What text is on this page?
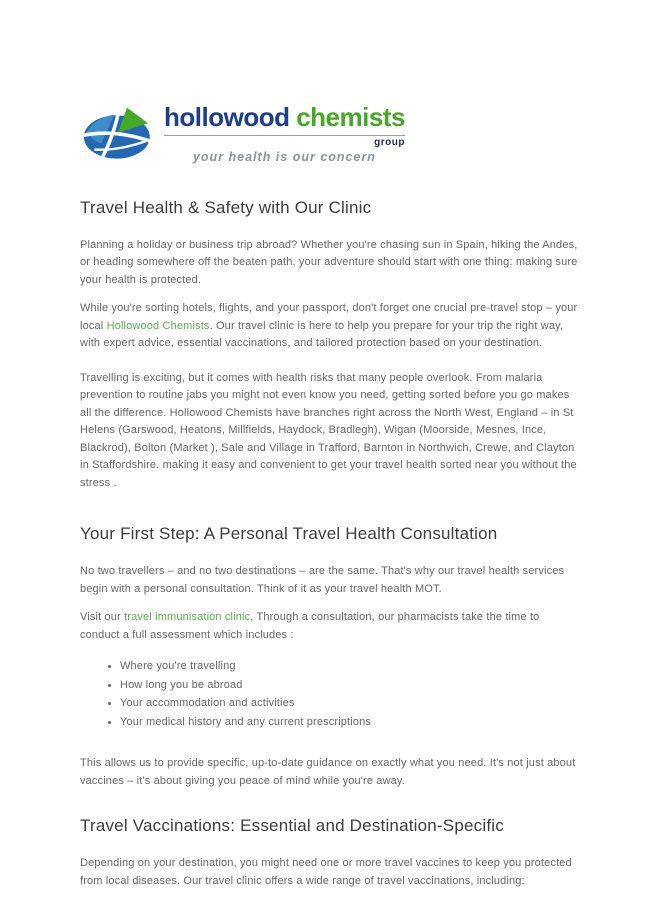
hollowood chemists
group
your health is our concern
Travel Health & Safety with Our Clinic

Planning a holiday or business trip abroad? Whether you're chasing sun in Spain, hiking the Andes, or heading somewhere off the beaten path, your adventure should start with one thing: making sure your health is protected.

While you're sorting hotels, flights, and your passport, don't forget one crucial pre-travel stop – your local Hollowood Chemists. Our travel clinic is here to help you prepare for your trip the right way, with expert advice, essential vaccinations, and tailored protection based on your destination.

Travelling is exciting, but it comes with health risks that many people overlook. From malaria prevention to routine jabs you might not even know you need, getting sorted before you go makes all the difference. Hollowood Chemists have branches right across the North West, England – in St Helens (Garswood, Heatons, Millfields, Haydock, Bradlegh), Wigan (Moorside, Mesnes, Ince, Blackrod), Bolton (Market ), Sale and Village in Trafford, Barnton in Northwich, Crewe, and Clayton in Staffordshire. making it easy and convenient to get your travel health sorted near you without the stress .

Your First Step: A Personal Travel Health Consultation

No two travellers – and no two destinations – are the same. That's why our travel health services begin with a personal consultation. Think of it as your travel health MOT.

Visit our travel immunisation clinic, Through a consultation, our pharmacists take the time to conduct a full assessment which includes :

• Where you're travelling
• How long you be abroad
• Your accommodation and activities
• Your medical history and any current prescriptions

This allows us to provide specific, up-to-date guidance on exactly what you need. It's not just about vaccines – it's about giving you peace of mind while you're away.

Travel Vaccinations: Essential and Destination-Specific

Depending on your destination, you might need one or more travel vaccines to keep you protected from local diseases. Our travel clinic offers a wide range of travel vaccinations, including:
